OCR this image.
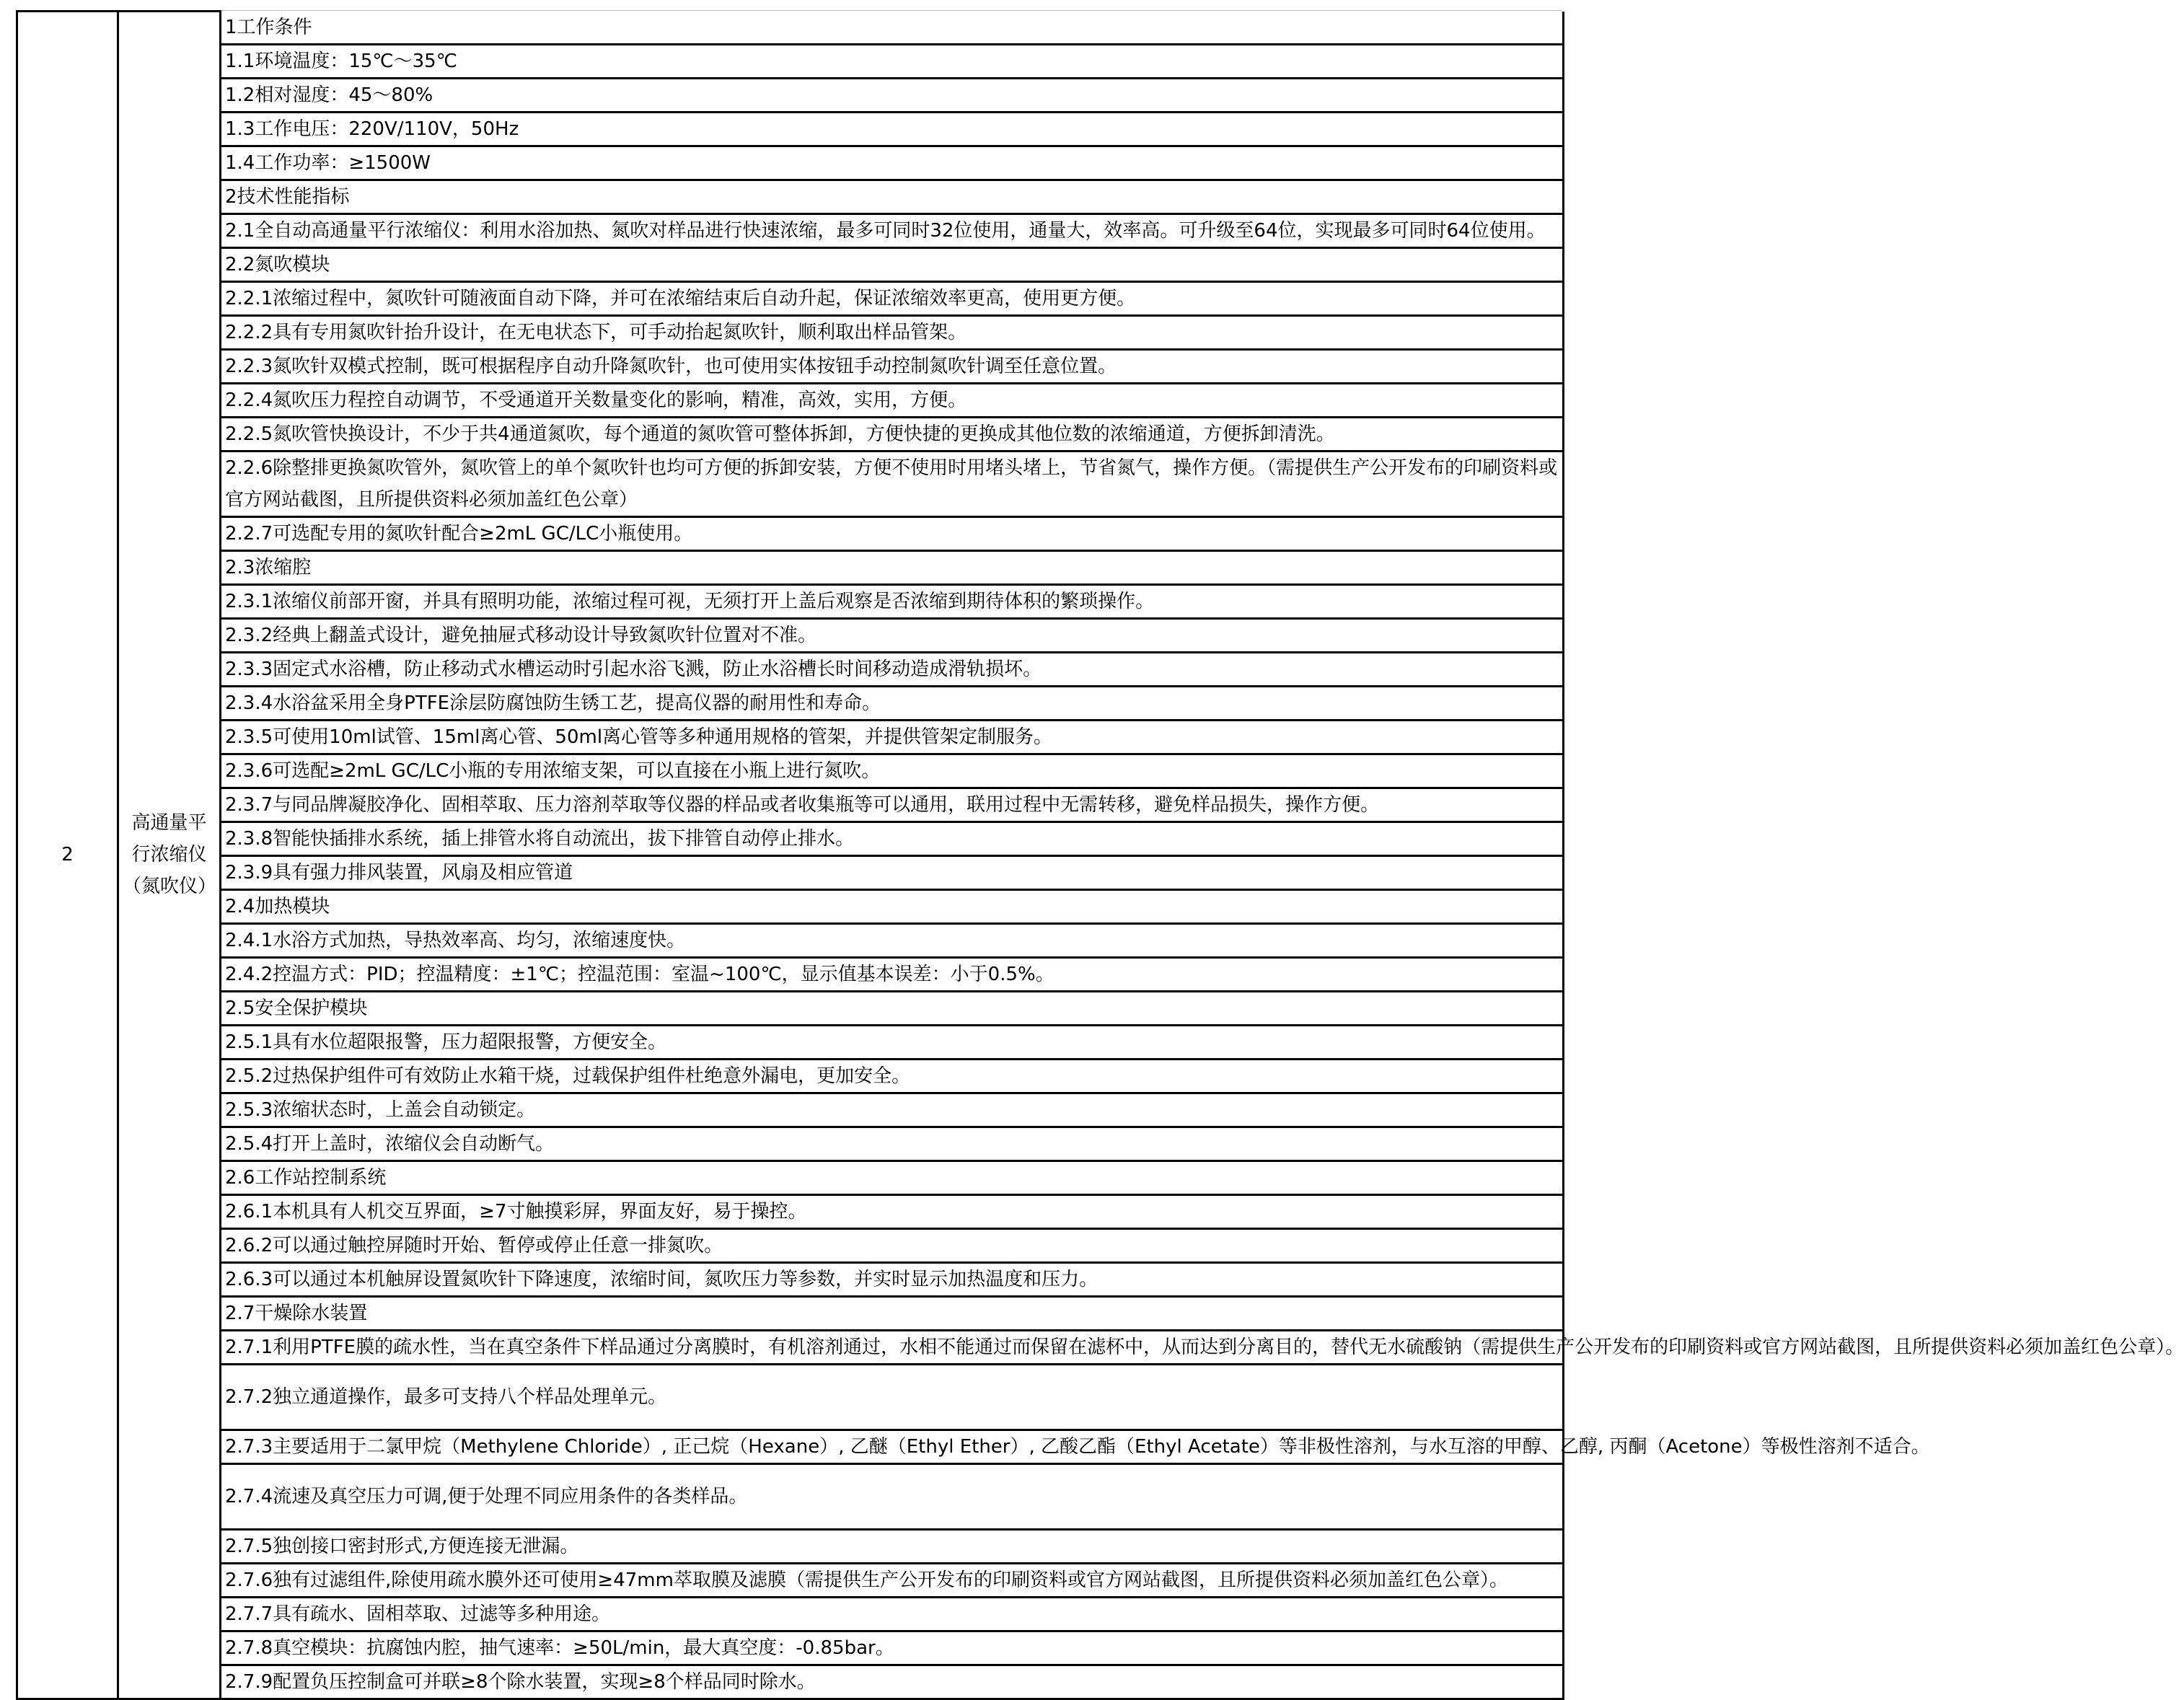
2	高通量平行浓缩仪（氮吹仪）	1工作条件
1.1环境温度：15℃～35℃
1.2相对湿度：45～80%
1.3工作电压：220V/110V，50Hz
1.4工作功率：≥1500W
2技术性能指标
2.1全自动高通量平行浓缩仪：利用水浴加热、氮吹对样品进行快速浓缩，最多可同时32位使用，通量大，效率高。可升级至64位，实现最多可同时64位使用。
2.2氮吹模块
2.2.1浓缩过程中，氮吹针可随液面自动下降，并可在浓缩结束后自动升起，保证浓缩效率更高，使用更方便。
2.2.2具有专用氮吹针抬升设计，在无电状态下，可手动抬起氮吹针，顺利取出样品管架。
2.2.3氮吹针双模式控制，既可根据程序自动升降氮吹针，也可使用实体按钮手动控制氮吹针调至任意位置。
2.2.4氮吹压力程控自动调节，不受通道开关数量变化的影响，精准，高效，实用，方便。
2.2.5氮吹管快换设计，不少于共4通道氮吹，每个通道的氮吹管可整体拆卸，方便快捷的更换成其他位数的浓缩通道，方便拆卸清洗。
2.2.6除整排更换氮吹管外，氮吹管上的单个氮吹针也均可方便的拆卸安装，方便不使用时用堵头堵上，节省氮气，操作方便。（需提供生产公开发布的印刷资料或官方网站截图，且所提供资料必须加盖红色公章）
2.2.7可选配专用的氮吹针配合≥2mL GC/LC小瓶使用。
2.3浓缩腔
2.3.1浓缩仪前部开窗，并具有照明功能，浓缩过程可视，无须打开上盖后观察是否浓缩到期待体积的繁琐操作。
2.3.2经典上翻盖式设计，避免抽屉式移动设计导致氮吹针位置对不准。
2.3.3固定式水浴槽，防止移动式水槽运动时引起水浴飞溅，防止水浴槽长时间移动造成滑轨损坏。
2.3.4水浴盆采用全身PTFE涂层防腐蚀防生锈工艺，提高仪器的耐用性和寿命。
2.3.5可使用10ml试管、15ml离心管、50ml离心管等多种通用规格的管架，并提供管架定制服务。
2.3.6可选配≥2mL GC/LC小瓶的专用浓缩支架，可以直接在小瓶上进行氮吹。
2.3.7与同品牌凝胶净化、固相萃取、压力溶剂萃取等仪器的样品或者收集瓶等可以通用，联用过程中无需转移，避免样品损失，操作方便。
2.3.8智能快插排水系统，插上排管水将自动流出，拔下排管自动停止排水。
2.3.9具有强力排风装置，风扇及相应管道
2.4加热模块
2.4.1水浴方式加热，导热效率高、均匀，浓缩速度快。
2.4.2控温方式：PID；控温精度：±1℃；控温范围：室温~100℃，显示值基本误差：小于0.5%。
2.5安全保护模块
2.5.1具有水位超限报警，压力超限报警，方便安全。
2.5.2过热保护组件可有效防止水箱干烧，过载保护组件杜绝意外漏电，更加安全。
2.5.3浓缩状态时，上盖会自动锁定。
2.5.4打开上盖时，浓缩仪会自动断气。
2.6工作站控制系统
2.6.1本机具有人机交互界面，≥7寸触摸彩屏，界面友好，易于操控。
2.6.2可以通过触控屏随时开始、暂停或停止任意一排氮吹。
2.6.3可以通过本机触屏设置氮吹针下降速度，浓缩时间，氮吹压力等参数，并实时显示加热温度和压力。
2.7干燥除水装置
2.7.1利用PTFE膜的疏水性，当在真空条件下样品通过分离膜时，有机溶剂通过，水相不能通过而保留在滤杯中，从而达到分离目的，替代无水硫酸钠（需提供生产公开发布的印刷资料或官方网站截图，且所提供资料必须加盖红色公章）。
2.7.2独立通道操作，最多可支持八个样品处理单元。
2.7.3主要适用于二氯甲烷（Methylene Chloride）, 正己烷（Hexane）, 乙醚（Ethyl Ether）, 乙酸乙酯（Ethyl Acetate）等非极性溶剂，与水互溶的甲醇、乙醇, 丙酮（Acetone）等极性溶剂不适合。
2.7.4流速及真空压力可调,便于处理不同应用条件的各类样品。
2.7.5独创接口密封形式,方便连接无泄漏。
2.7.6独有过滤组件,除使用疏水膜外还可使用≥47mm萃取膜及滤膜（需提供生产公开发布的印刷资料或官方网站截图，且所提供资料必须加盖红色公章）。
2.7.7具有疏水、固相萃取、过滤等多种用途。
2.7.8真空模块：抗腐蚀内腔，抽气速率：≥50L/min，最大真空度：-0.85bar。
2.7.9配置负压控制盒可并联≥8个除水装置，实现≥8个样品同时除水。
